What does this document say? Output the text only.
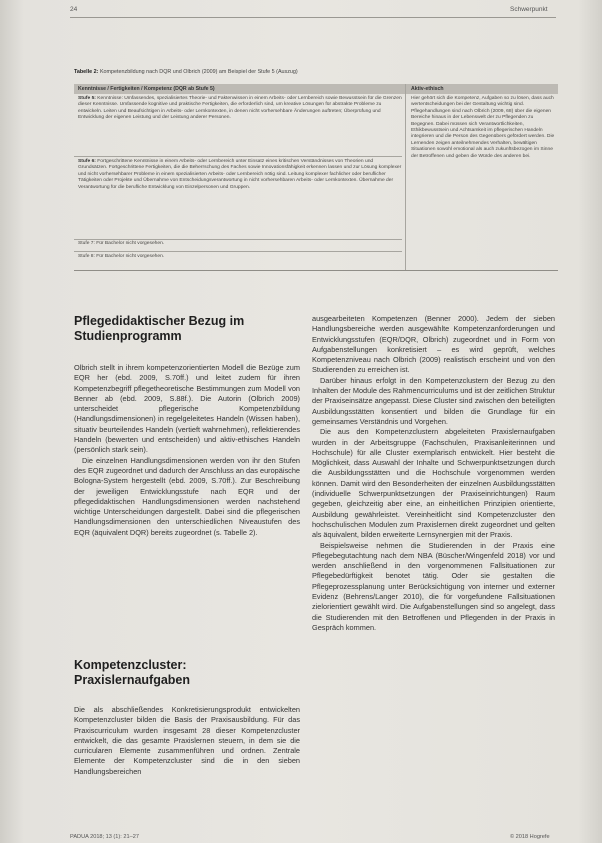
24	Schwerpunkt
Tabelle 2: Kompetenzbildung nach DQR und Olbrich (2009) am Beispiel der Stufe 5 (Auszug)
Kenntnisse / Fertigkeiten / Kompetenz (DQR ab Stufe 5)	Aktiv-ethisch
Stufe 5: Kenntnisse: Umfassendes, spezialisiertes Theorie- und Faktenwissen in einem Arbeits- oder Lernbereich sowie Bewusstsein für die Grenzen dieser Kenntnisse. Umfassende kognitive und praktische Fertigkeiten, die erforderlich sind, um kreative Lösungen für abstrakte Probleme zu entwickeln. Leiten und Beaufsichtigen in Arbeits- oder Lernkontexten, in denen nicht vorhersehbare Änderungen auftreten; Überprüfung und Entwicklung der eigenen Leistung und der Leistung anderer Personen.
Stufe 6: Fortgeschrittene Kenntnisse in einem Arbeits- oder Lernbereich unter Einsatz eines kritischen Verständnisses von Theorien und Grundsätzen. Fortgeschrittene Fertigkeiten, die die Beherrschung des Faches sowie Innovationsfähigkeit erkennen lassen und zur Lösung komplexer und nicht vorhersehbarer Probleme in einem spezialisierten Arbeits- oder Lernbereich nötig sind. Leitung komplexer fachlicher oder beruflicher Tätigkeiten oder Projekte und Übernahme von Entscheidungsverantwortung in nicht vorhersehbaren Arbeits- oder Lernkontexten. Übernahme der Verantwortung für die berufliche Entwicklung von Einzelpersonen und Gruppen.
Stufe 7: Für Bachelor nicht vorgesehen.
Stufe 8: Für Bachelor nicht vorgesehen.
Hier gehört sich die Kompetenz, Aufgaben so zu lösen, dass auch wertentscheidungen bei der Gestaltung wichtig sind. Pflegehandlungen sind nach Olbrich (2009, 68) über die eigenen Bereiche hinaus in der Lebenswelt der zu Pflegenden zu Begegnen. Dabei müssen sich Verantwortlichkeiten, Ethikbewusstsein und Achtsamkeit im pflegerischen Handeln integrieren und die Person des Gegenübers gefördert werden. Die Lernenden zeigen anteilnehmendes Verhalten, bewältigen Situationen sowohl emotional als auch zukunftsbezogen im Sinne der Betroffenen und geben die Würde des anderen bei.
Pflegedidaktischer Bezug im Studienprogramm

Olbrich stellt in ihrem kompetenzorientierten Modell die Bezüge zum EQR her (ebd. 2009, S.70ff.) und leitet zudem für ihren Kompetenzbegriff pflegetheoretische Bestimmungen zum Modell von Benner ab (ebd. 2009, S.88f.). Die Autorin (Olbrich 2009) unterscheidet pflegerische Kompetenzbildung (Handlungsdimensionen) in regelgeleitetes Handeln (Wissen haben), situativ beurteilendes Handeln (vertieft wahrnehmen), reflektierendes Handeln (bewerten und entscheiden) und aktiv-ethisches Handeln (persönlich stark sein).

Die einzelnen Handlungsdimensionen werden von ihr den Stufen des EQR zugeordnet und dadurch der Anschluss an das europäische Bologna-System hergestellt (ebd. 2009, S.70ff.). Zur Beschreibung der jeweiligen Entwicklungsstufe nach EQR und der pflegedidaktischen Handlungsdimensionen werden nachstehend wichtige Unterscheidungen dargestellt. Dabei sind die pflegerischen Handlungsdimensionen den unterschiedlichen Niveaustufen des EQR (äquivalent DQR) bereits zugeordnet (s. Tabelle 2).

Kompetenzcluster: Praxislernaufgaben

Die als abschließendes Konkretisierungsprodukt entwickelten Kompetenzcluster bilden die Basis der Praxisausbildung. Für das Praxiscurriculum wurden insgesamt 28 dieser Kompetenzcluster entwickelt, die das gesamte Praxislernen steuern, in dem sie die curricularen Elemente zusammenführen und ordnen. Zentrale Elemente der Kompetenzcluster sind die in den sieben Handlungsbereichen

ausgearbeiteten Kompetenzen (Benner 2000). Jedem der sieben Handlungsbereiche werden ausgewählte Kompetenzanforderungen und Entwicklungsstufen (EQR/DQR, Olbrich) zugeordnet und in Form von Aufgabenstellungen konkretisiert – es wird geprüft, welches Kompetenzniveau nach Olbrich (2009) realistisch erscheint und von den Studierenden zu erreichen ist.

Darüber hinaus erfolgt in den Kompetenzclustern der Bezug zu den Inhalten der Module des Rahmencurriculums und ist der zeitlichen Struktur der Praxiseinsätze angepasst. Diese Cluster sind zwischen den beteiligten Ausbildungsstätten konsentiert und bilden die Grundlage für ein gemeinsames Verständnis und Vorgehen.

Die aus den Kompetenzclustern abgeleiteten Praxislernaufgaben wurden in der Arbeitsgruppe (Fachschulen, Praxisanleiterinnen und Hochschule) für alle Cluster exemplarisch entwickelt. Hier besteht die Möglichkeit, dass Auswahl der Inhalte und Schwerpunktsetzungen durch die Ausbildungsstätten und die Hochschule vorgenommen werden können. Damit wird den Besonderheiten der einzelnen Ausbildungsstätten (individuelle Schwerpunktsetzungen der Praxiseinrichtungen) Raum gegeben, gleichzeitig aber eine, an einheitlichen Prinzipien orientierte, Ausbildung gewährleistet. Vereinheitlicht sind Kompetenzcluster den hochschulischen Modulen zum Praxislernen direkt zugeordnet und gelten als äquivalent, bilden erweiterte Lernsynergien mit der Praxis.

Beispielsweise nehmen die Studierenden in der Praxis eine Pflegebegutachtung nach dem NBA (Büscher/Wingenfeld 2018) vor und werden anschließend in den vorgenommenen Fallsituationen zur Pflegebedürftigkeit benotet tätig. Oder sie gestalten die Pflegeprozessplanung unter Berücksichtigung von interner und externer Evidenz (Behrens/Langer 2010), die für vorgefundene Fallsituationen zielorientiert gewählt wird. Die Aufgabenstellungen sind so angelegt, dass die Studierenden mit den Betroffenen und Pflegenden in der Praxis in Gespräch kommen.

PADUA 2018; 13 (1): 21–27	© 2018 Hogrefe
